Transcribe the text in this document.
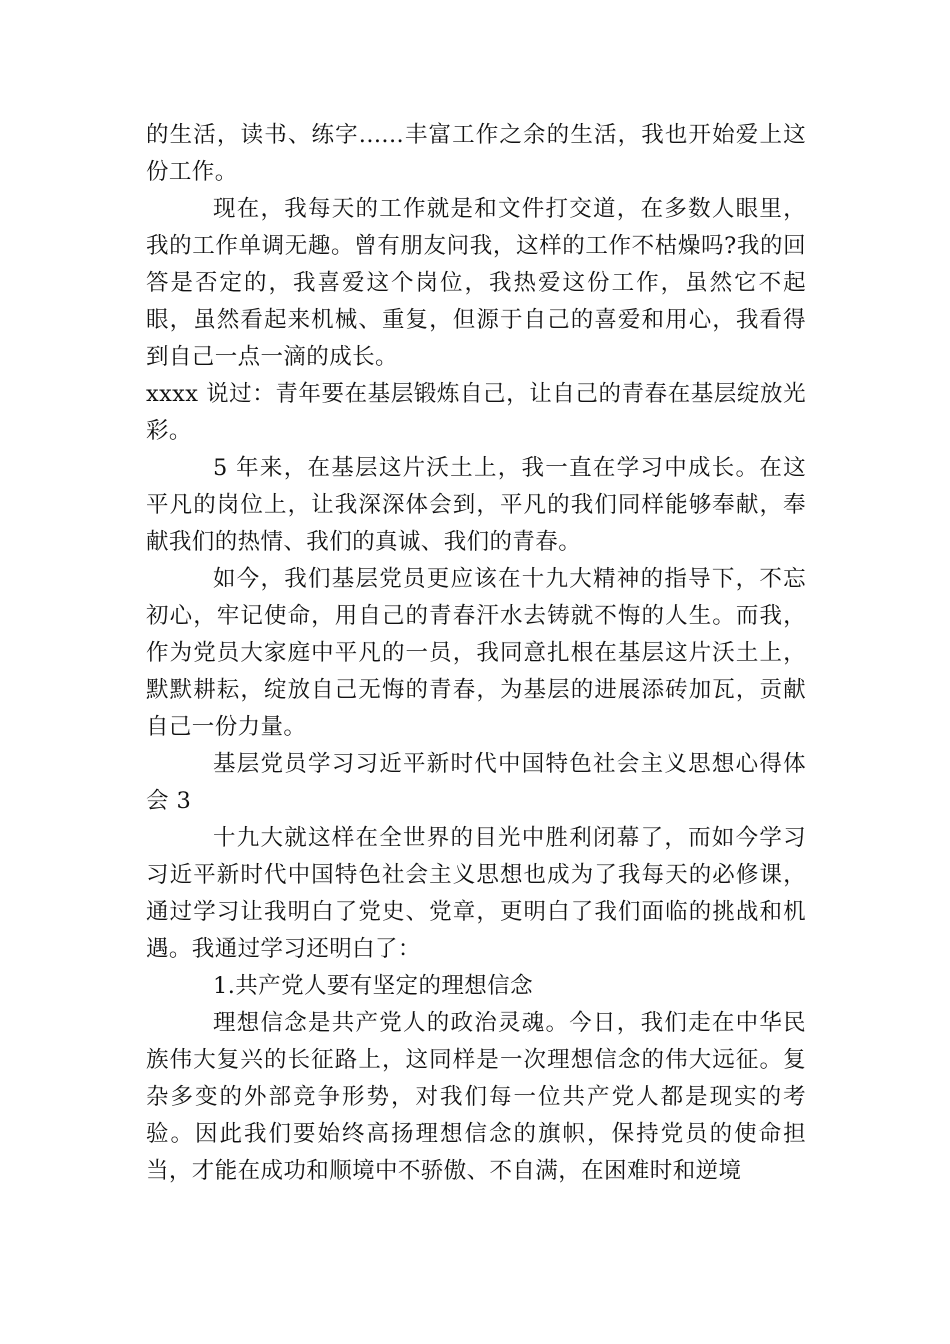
的生活，读书、练字......丰富工作之余的生活，我也开始爱上这份工作。

现在，我每天的工作就是和文件打交道，在多数人眼里，我的工作单调无趣。曾有朋友问我，这样的工作不枯燥吗?我的回答是否定的，我喜爱这个岗位，我热爱这份工作，虽然它不起眼，虽然看起来机械、重复，但源于自己的喜爱和用心，我看得到自己一点一滴的成长。

xxxx 说过：青年要在基层锻炼自己，让自己的青春在基层绽放光彩。

5 年来，在基层这片沃土上，我一直在学习中成长。在这平凡的岗位上，让我深深体会到，平凡的我们同样能够奉献，奉献我们的热情、我们的真诚、我们的青春。

如今，我们基层党员更应该在十九大精神的指导下，不忘初心，牢记使命，用自己的青春汗水去铸就不悔的人生。而我，作为党员大家庭中平凡的一员，我同意扎根在基层这片沃土上，默默耕耘，绽放自己无悔的青春，为基层的进展添砖加瓦，贡献自己一份力量。

基层党员学习习近平新时代中国特色社会主义思想心得体会 3

十九大就这样在全世界的目光中胜利闭幕了，而如今学习习近平新时代中国特色社会主义思想也成为了我每天的必修课，通过学习让我明白了党史、党章，更明白了我们面临的挑战和机遇。我通过学习还明白了：

1.共产党人要有坚定的理想信念

理想信念是共产党人的政治灵魂。今日，我们走在中华民族伟大复兴的长征路上，这同样是一次理想信念的伟大远征。复杂多变的外部竞争形势，对我们每一位共产党人都是现实的考验。因此我们要始终高扬理想信念的旗帜，保持党员的使命担当，才能在成功和顺境中不骄傲、不自满，在困难时和逆境
